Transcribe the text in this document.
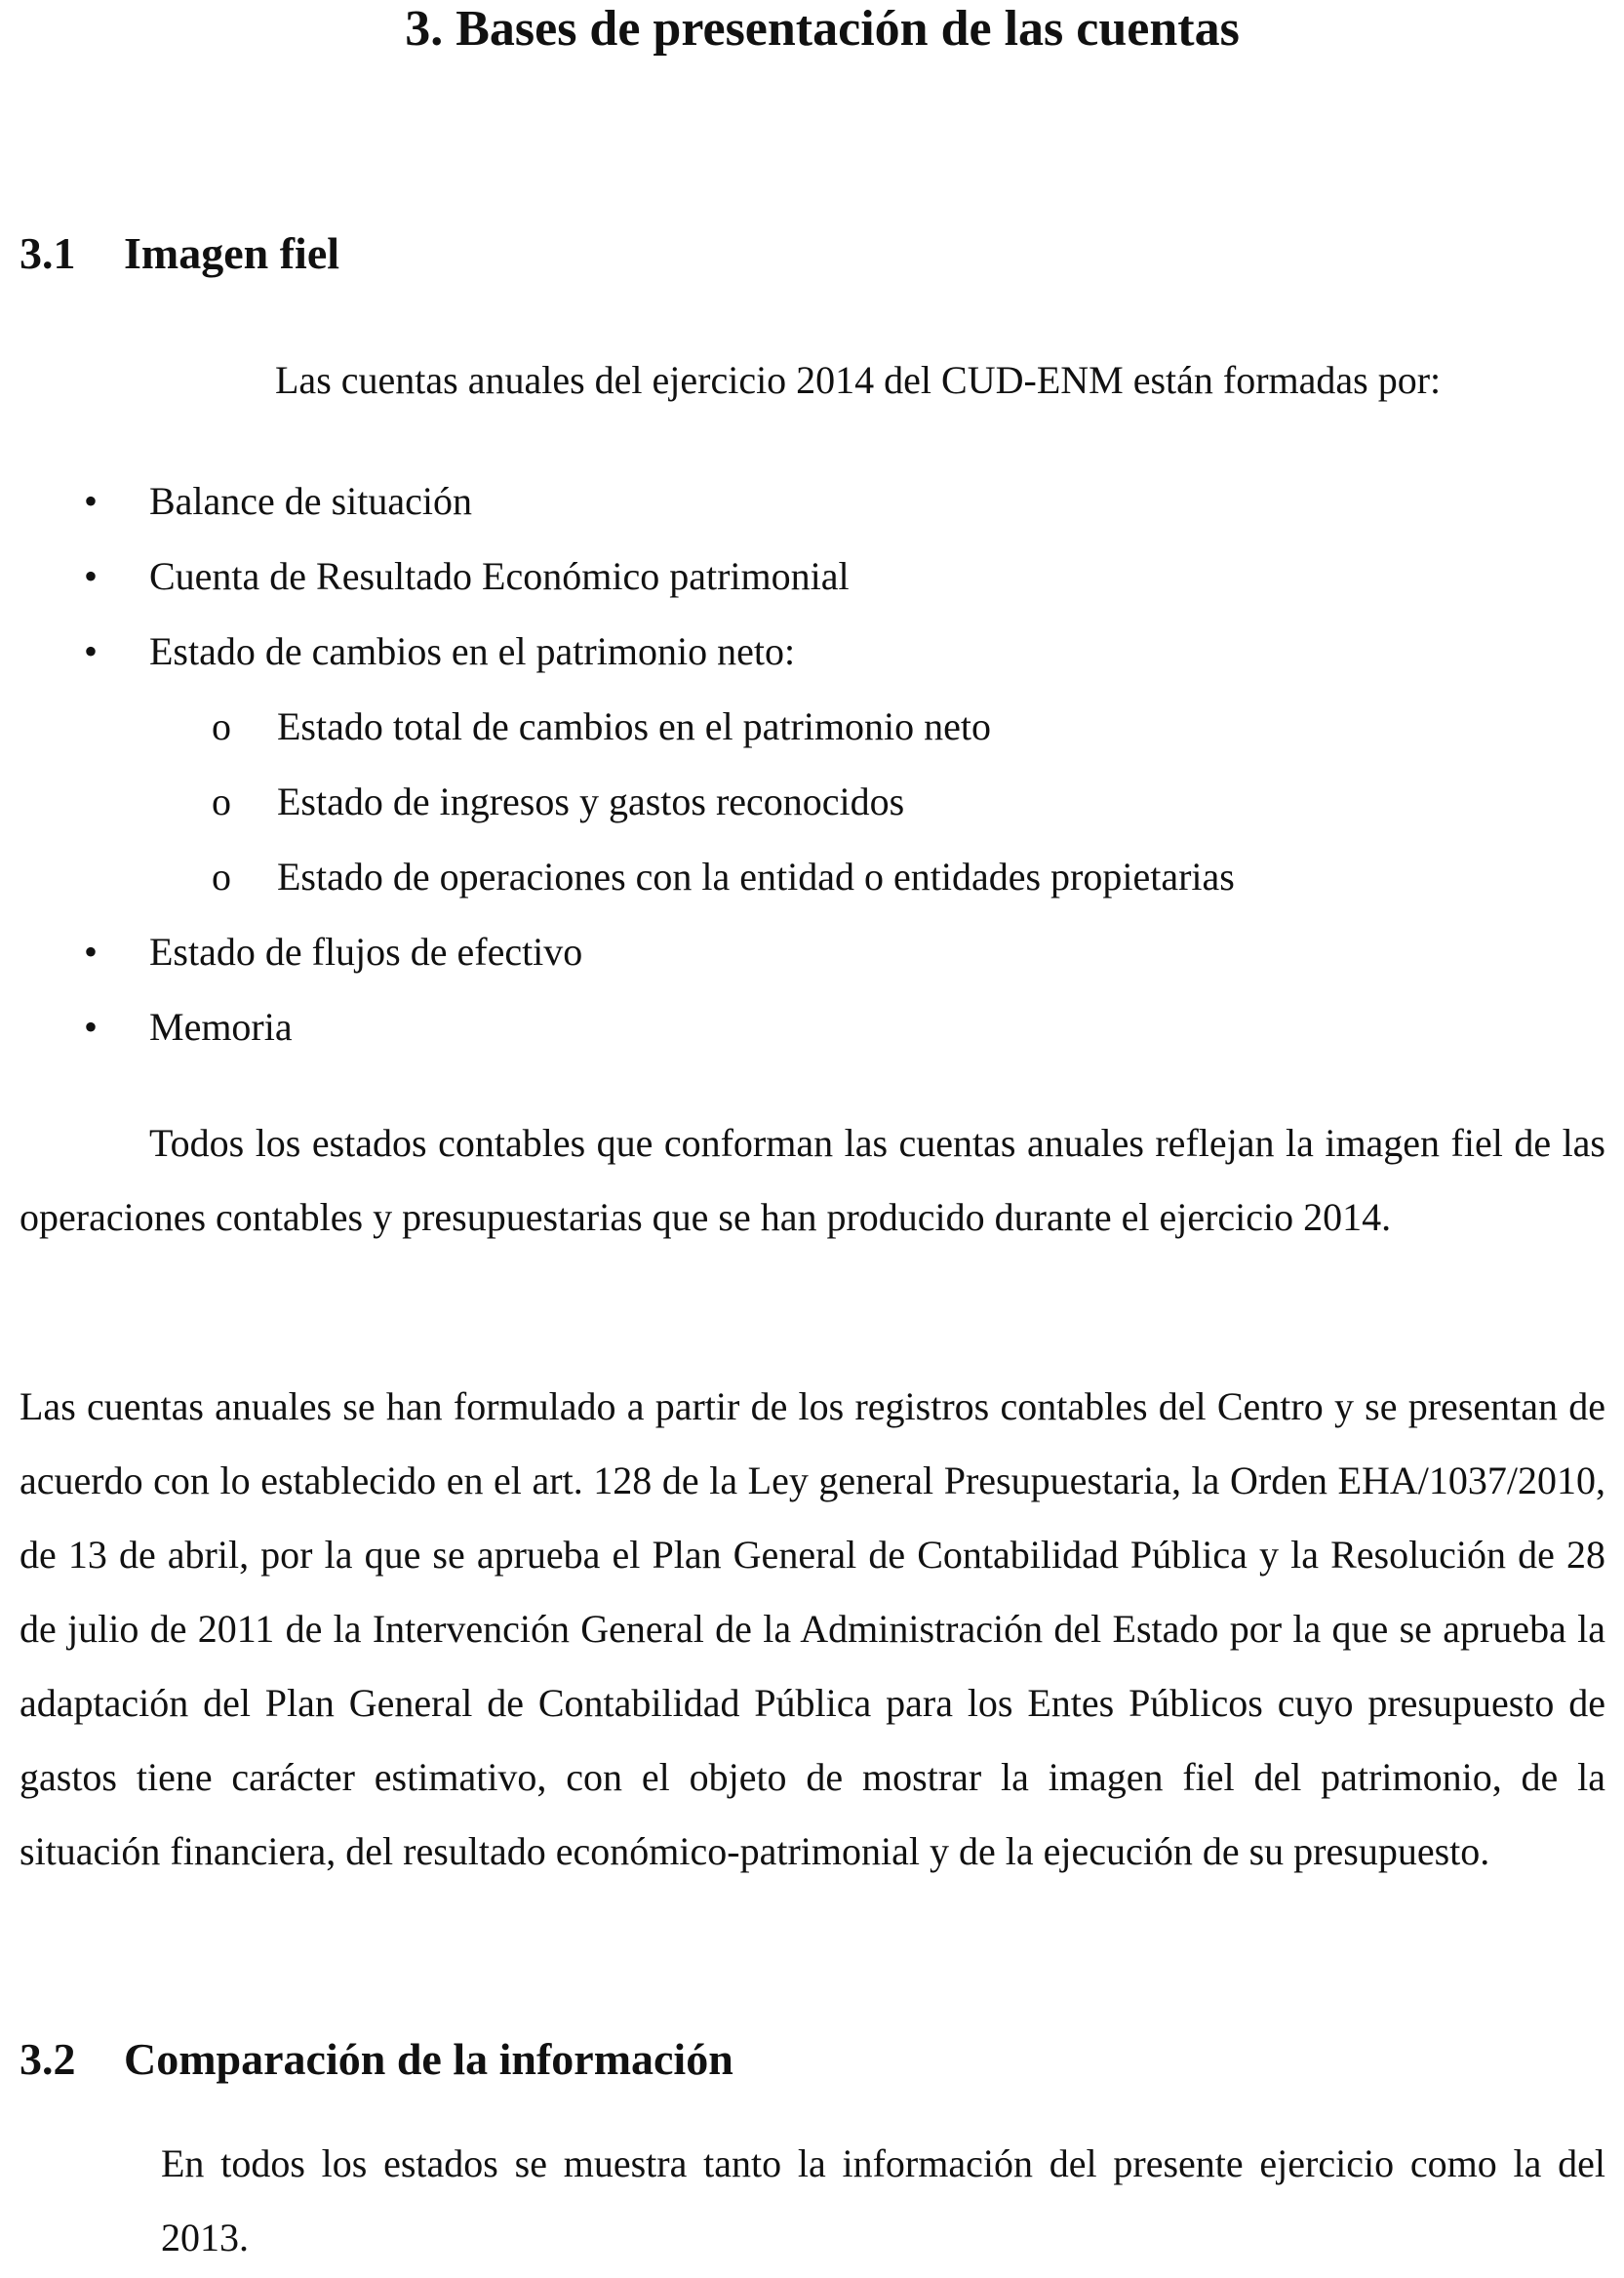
3. Bases de presentación de las cuentas
3.1 Imagen fiel

Las cuentas anuales del ejercicio 2014 del CUD-ENM están formadas por:

• Balance de situación
• Cuenta de Resultado Económico patrimonial
• Estado de cambios en el patrimonio neto:
o Estado total de cambios en el patrimonio neto
o Estado de ingresos y gastos reconocidos
o Estado de operaciones con la entidad o entidades propietarias
• Estado de flujos de efectivo
• Memoria

Todos los estados contables que conforman las cuentas anuales reflejan la imagen fiel de las operaciones contables y presupuestarias que se han producido durante el ejercicio 2014.

Las cuentas anuales se han formulado a partir de los registros contables del Centro y se presentan de acuerdo con lo establecido en el art. 128 de la Ley general Presupuestaria, la Orden EHA/1037/2010, de 13 de abril, por la que se aprueba el Plan General de Contabilidad Pública y la Resolución de 28 de julio de 2011 de la Intervención General de la Administración del Estado por la que se aprueba la adaptación del Plan General de Contabilidad Pública para los Entes Públicos cuyo presupuesto de gastos tiene carácter estimativo, con el objeto de mostrar la imagen fiel del patrimonio, de la situación financiera, del resultado económico-patrimonial y de la ejecución de su presupuesto.

3.2 Comparación de la información

En todos los estados se muestra tanto la información del presente ejercicio como la del 2013.
